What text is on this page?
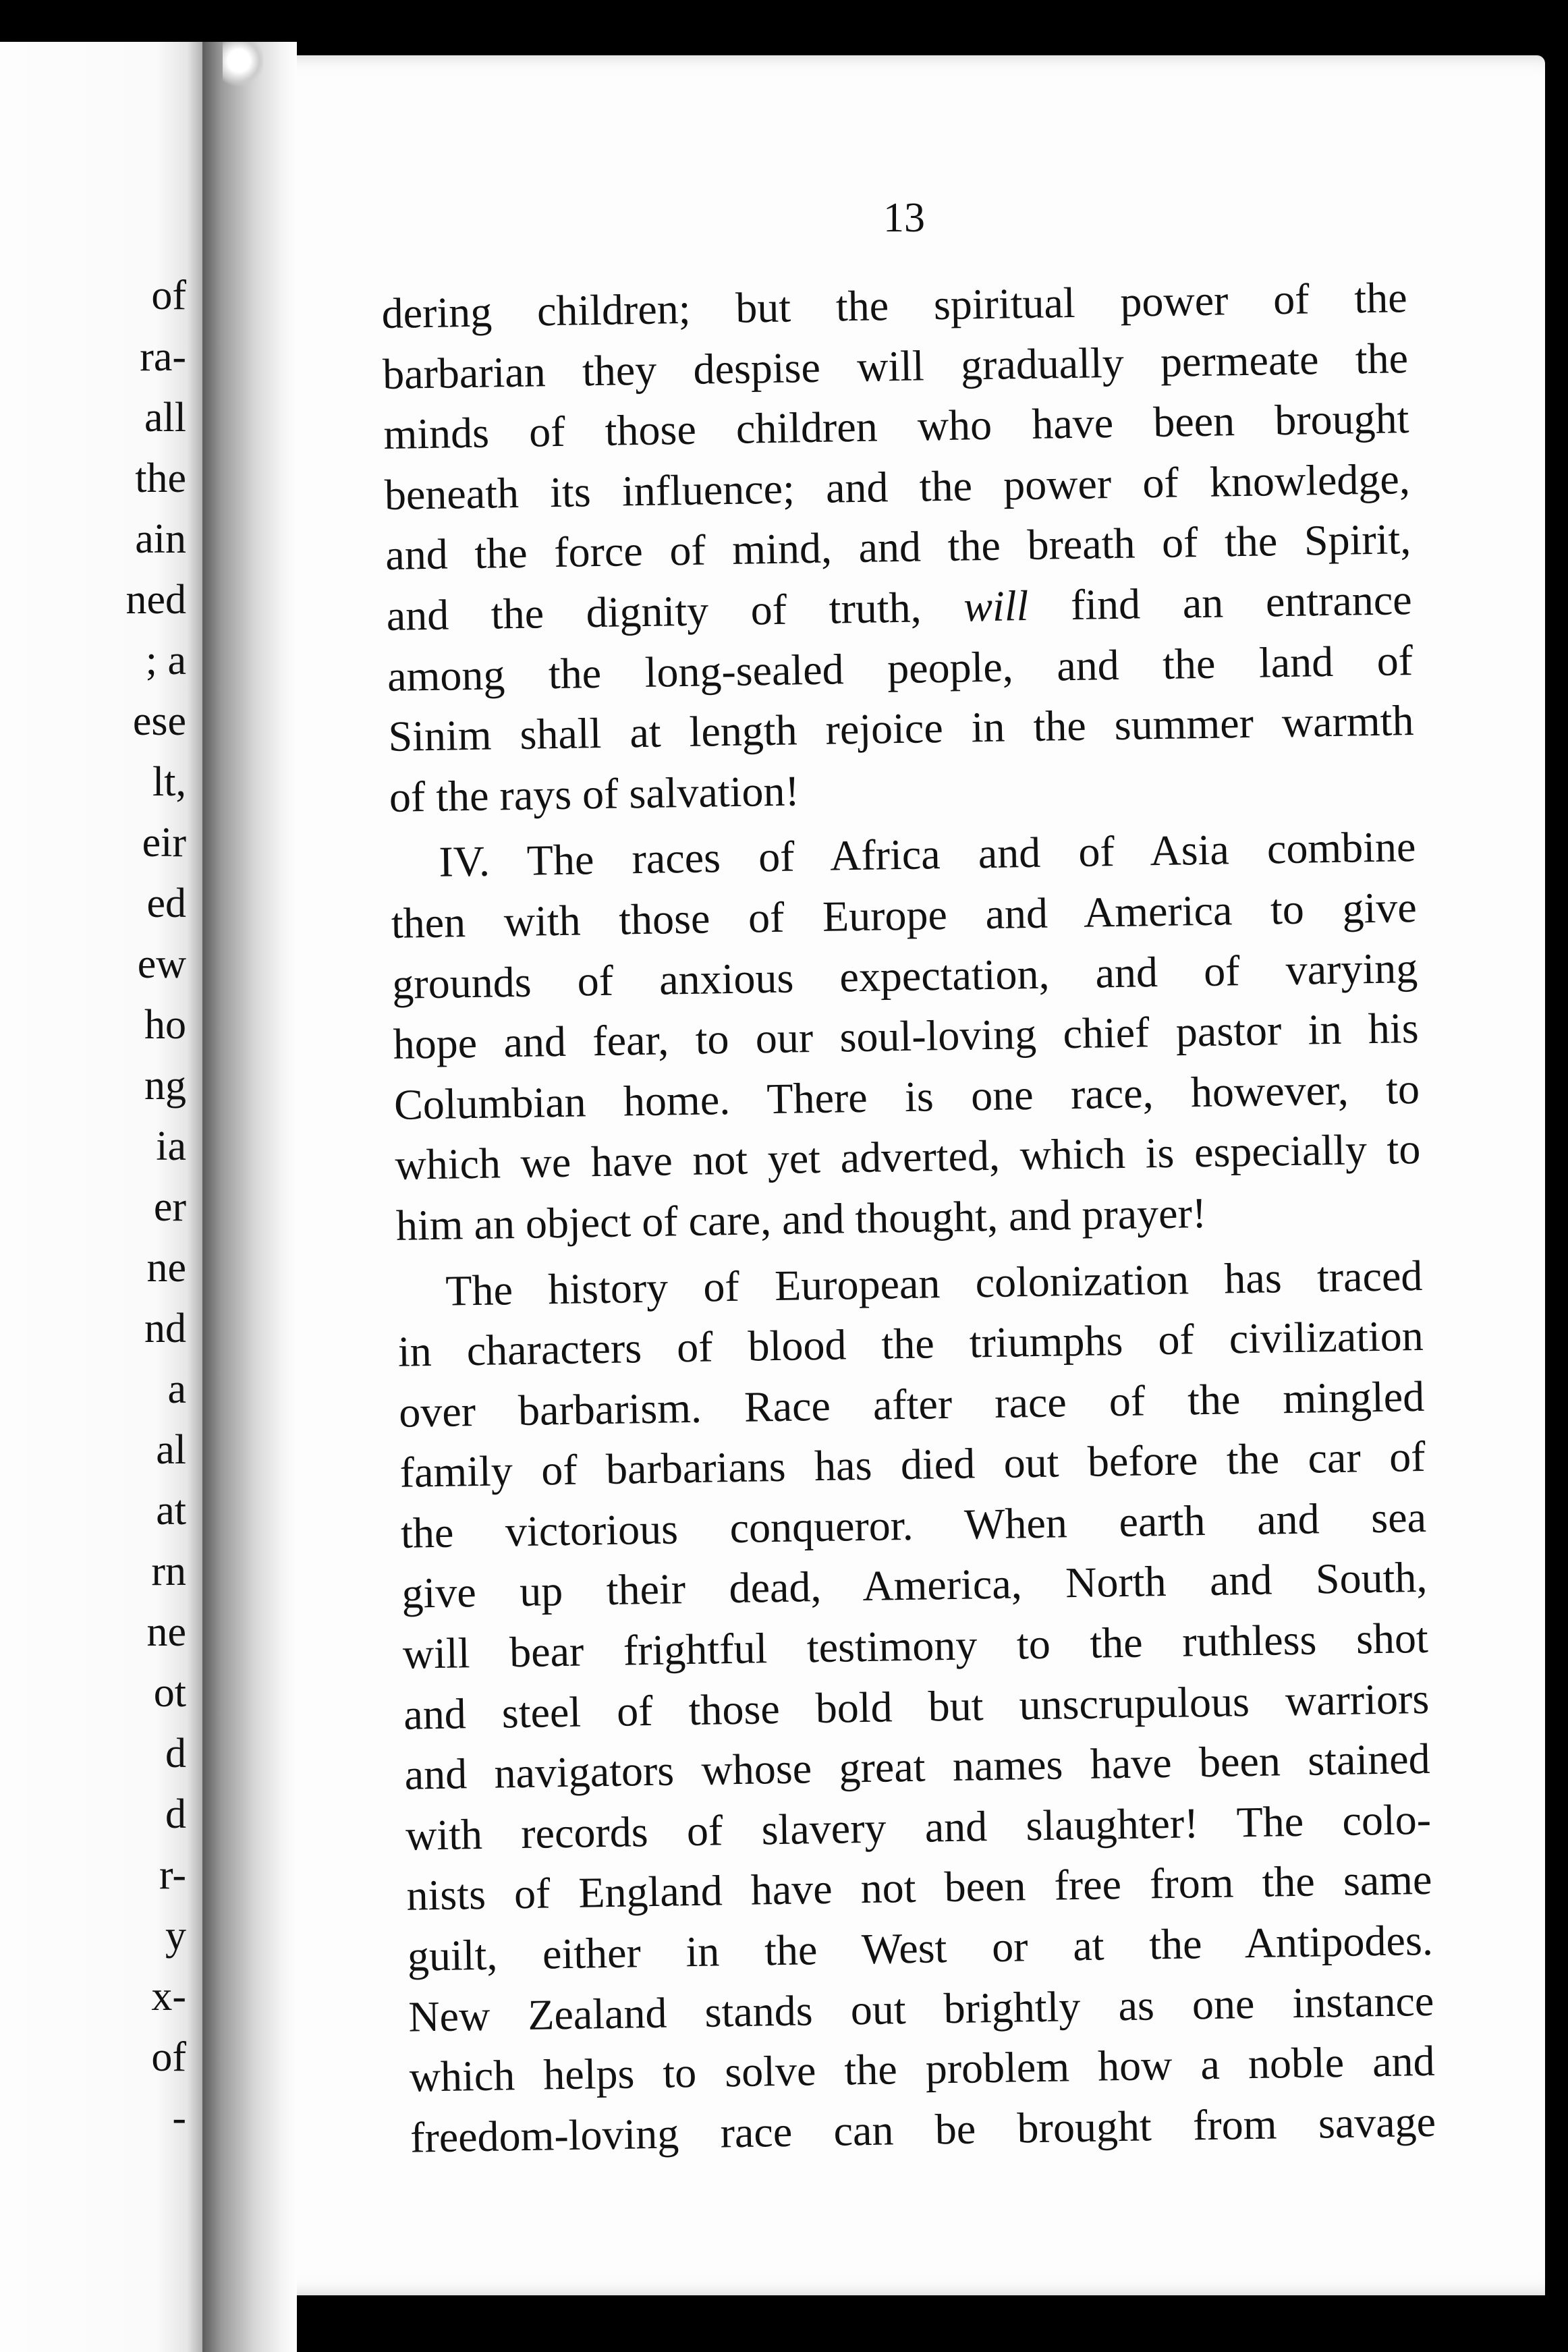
of
ra-
all
the
ain
ned
; a
ese
lt,
eir
ed
ew
ho
ng
ia
er
ne
nd
a
al
at
rn
ne
ot
d
d
r-
y
x-
of
-
13
dering children; but the spiritual power of the
barbarian they despise will gradually permeate the
minds of those children who have been brought
beneath its influence; and the power of knowledge,
and the force of mind, and the breath of the Spirit,
and the dignity of truth, will find an entrance
among the long-sealed people, and the land of
Sinim shall at length rejoice in the summer warmth
of the rays of salvation!
IV. The races of Africa and of Asia combine
then with those of Europe and America to give
grounds of anxious expectation, and of varying
hope and fear, to our soul-loving chief pastor in his
Columbian home. There is one race, however, to
which we have not yet adverted, which is especially to
him an object of care, and thought, and prayer!
The history of European colonization has traced
in characters of blood the triumphs of civilization
over barbarism. Race after race of the mingled
family of barbarians has died out before the car of
the victorious conqueror. When earth and sea
give up their dead, America, North and South,
will bear frightful testimony to the ruthless shot
and steel of those bold but unscrupulous warriors
and navigators whose great names have been stained
with records of slavery and slaughter! The colo-
nists of England have not been free from the same
guilt, either in the West or at the Antipodes.
New Zealand stands out brightly as one instance
which helps to solve the problem how a noble and
freedom-loving race can be brought from savage
